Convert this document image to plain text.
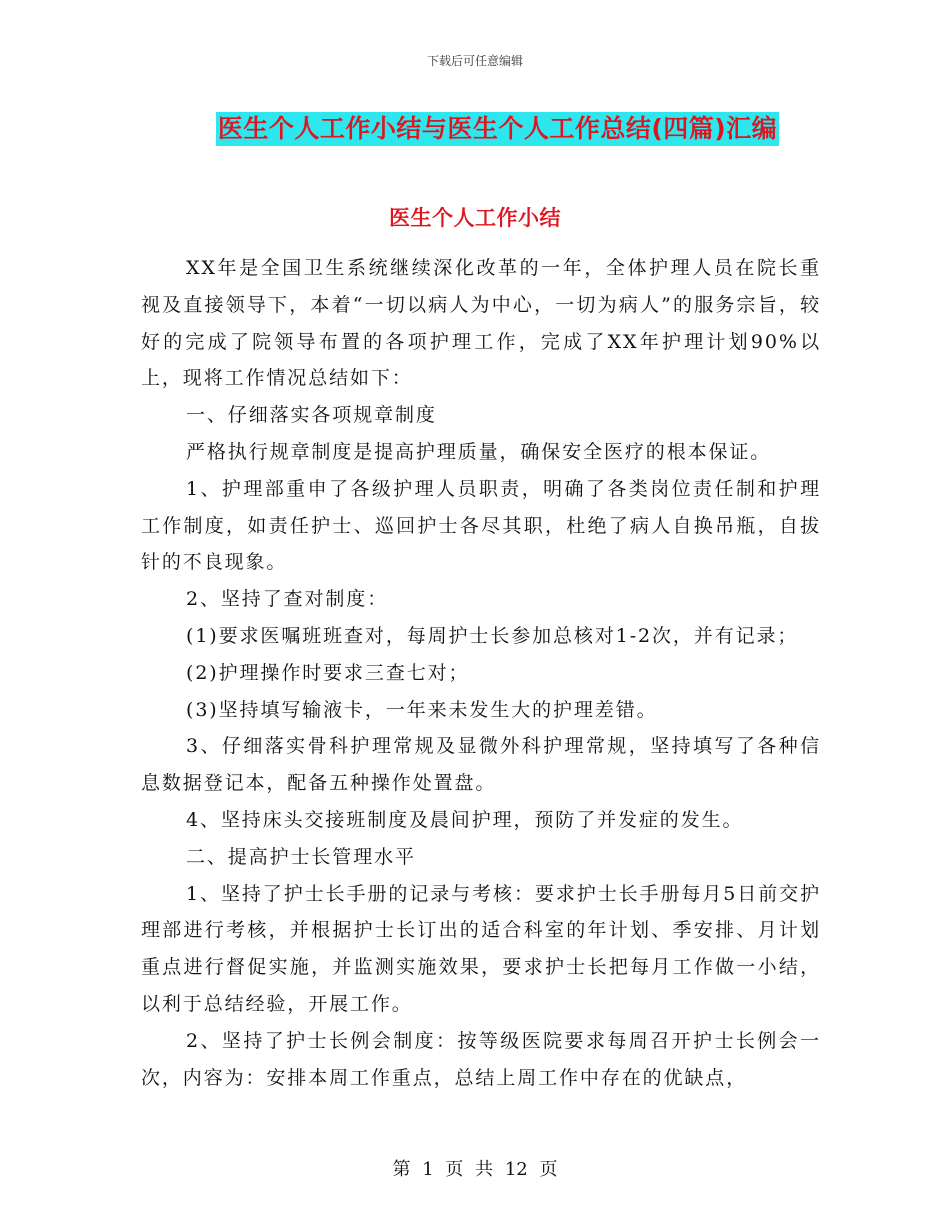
下载后可任意编辑
医生个人工作小结与医生个人工作总结(四篇)汇编
医生个人工作小结

XX年是全国卫生系统继续深化改革的一年，全体护理人员在院长重视及直接领导下，本着“一切以病人为中心，一切为病人”的服务宗旨，较好的完成了院领导布置的各项护理工作，完成了XX年护理计划90%以上，现将工作情况总结如下：

一、仔细落实各项规章制度

严格执行规章制度是提高护理质量，确保安全医疗的根本保证。

1、护理部重申了各级护理人员职责，明确了各类岗位责任制和护理工作制度，如责任护士、巡回护士各尽其职，杜绝了病人自换吊瓶，自拔针的不良现象。

2、坚持了查对制度：

(1)要求医嘱班班查对，每周护士长参加总核对1-2次，并有记录；

(2)护理操作时要求三查七对；

(3)坚持填写输液卡，一年来未发生大的护理差错。

3、仔细落实骨科护理常规及显微外科护理常规，坚持填写了各种信息数据登记本，配备五种操作处置盘。

4、坚持床头交接班制度及晨间护理，预防了并发症的发生。

二、提高护士长管理水平

1、坚持了护士长手册的记录与考核：要求护士长手册每月5日前交护理部进行考核，并根据护士长订出的适合科室的年计划、季安排、月计划重点进行督促实施，并监测实施效果，要求护士长把每月工作做一小结，以利于总结经验，开展工作。

2、坚持了护士长例会制度：按等级医院要求每周召开护士长例会一次，内容为：安排本周工作重点，总结上周工作中存在的优缺点，

第 1 页 共 12 页
